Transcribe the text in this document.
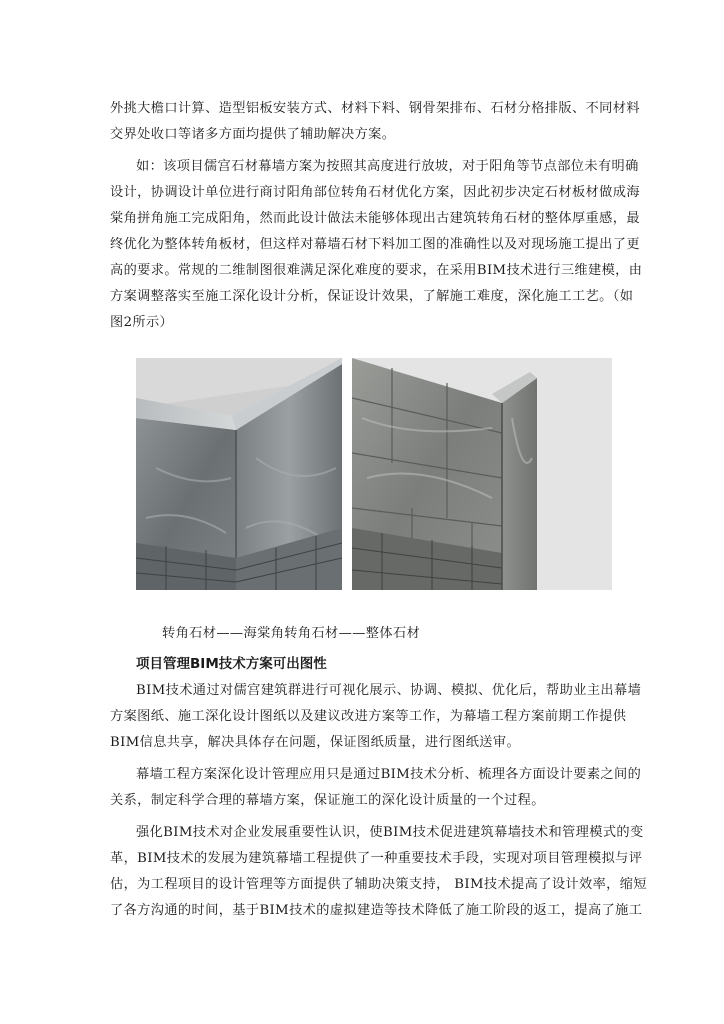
外挑大檐口计算、造型铝板安装方式、材料下料、钢骨架排布、石材分格排版、不同材料
交界处收口等诸多方面均提供了辅助解决方案。
如：该项目儒宫石材幕墙方案为按照其高度进行放坡，对于阳角等节点部位未有明确
设计，协调设计单位进行商讨阳角部位转角石材优化方案，因此初步决定石材板材做成海
棠角拼角施工完成阳角，然而此设计做法未能够体现出古建筑转角石材的整体厚重感，最
终优化为整体转角板材，但这样对幕墙石材下料加工图的准确性以及对现场施工提出了更
高的要求。常规的二维制图很难满足深化难度的要求，在采用BIM技术进行三维建模，由
方案调整落实至施工深化设计分析，保证设计效果，了解施工难度，深化施工工艺。（如
图2所示）
转角石材——海棠角转角石材——整体石材
项目管理BIM技术方案可出图性
BIM技术通过对儒宫建筑群进行可视化展示、协调、模拟、优化后，帮助业主出幕墙
方案图纸、施工深化设计图纸以及建议改进方案等工作，为幕墙工程方案前期工作提供
BIM信息共享，解决具体存在问题，保证图纸质量，进行图纸送审。
幕墙工程方案深化设计管理应用只是通过BIM技术分析、梳理各方面设计要素之间的
关系，制定科学合理的幕墙方案，保证施工的深化设计质量的一个过程。
强化BIM技术对企业发展重要性认识，使BIM技术促进建筑幕墙技术和管理模式的变
革，BIM技术的发展为建筑幕墙工程提供了一种重要技术手段，实现对项目管理模拟与评
估，为工程项目的设计管理等方面提供了辅助决策支持， BIM技术提高了设计效率，缩短
了各方沟通的时间，基于BIM技术的虚拟建造等技术降低了施工阶段的返工，提高了施工
